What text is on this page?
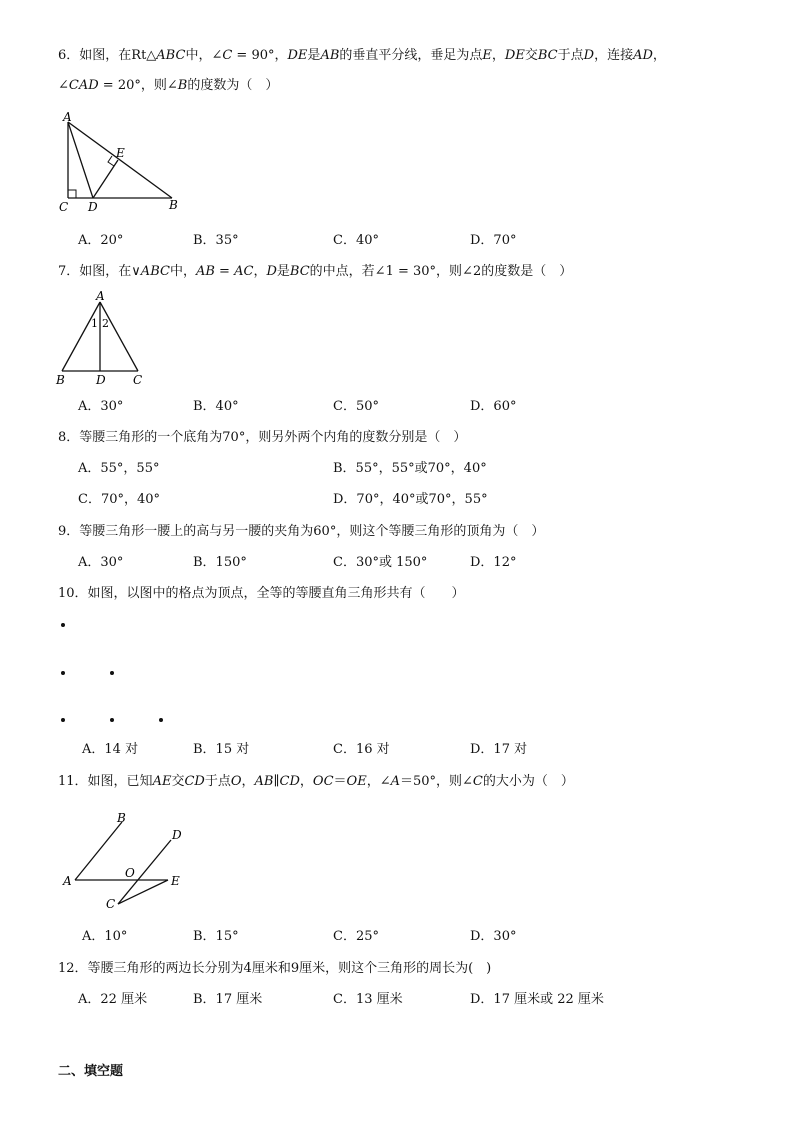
6．如图，在Rt△ABC中，∠C = 90°，DE是AB的垂直平分线，垂足为点E，DE交BC于点D，连接AD，
∠CAD = 20°，则∠B的度数为（　）
A
E
C D	B
A．20°	B．35°	C．40°	D．70°
7．如图，在∨ABC中，AB = AC，D是BC的中点，若∠1 = 30°，则∠2的度数是（　）
A
1 2
B	D C
A．30°	B．40°	C．50°	D．60°
8．等腰三角形的一个底角为70°，则另外两个内角的度数分别是（　）
A．55°，55°	B．55°，55°或70°，40°
C．70°，40°	D．70°，40°或70°，55°
9．等腰三角形一腰上的高与另一腰的夹角为60°，则这个等腰三角形的顶角为（　）
A．30°	B．150°	C．30°或 150°	D．12°
10．如图，以图中的格点为顶点，全等的等腰直角三角形共有（　　）
A．14 对	B．15 对	C．16 对	D．17 对
11．如图，已知AE交CD于点O，AB∥CD，OC＝OE，∠A＝50°，则∠C的大小为（　）
B
D
A
O
E
C
A．10°	B．15°	C．25°	D．30°
12．等腰三角形的两边长分别为4厘米和9厘米，则这个三角形的周长为(　)
A．22 厘米	B．17 厘米	C．13 厘米	D．17 厘米或 22 厘米
二、填空题
